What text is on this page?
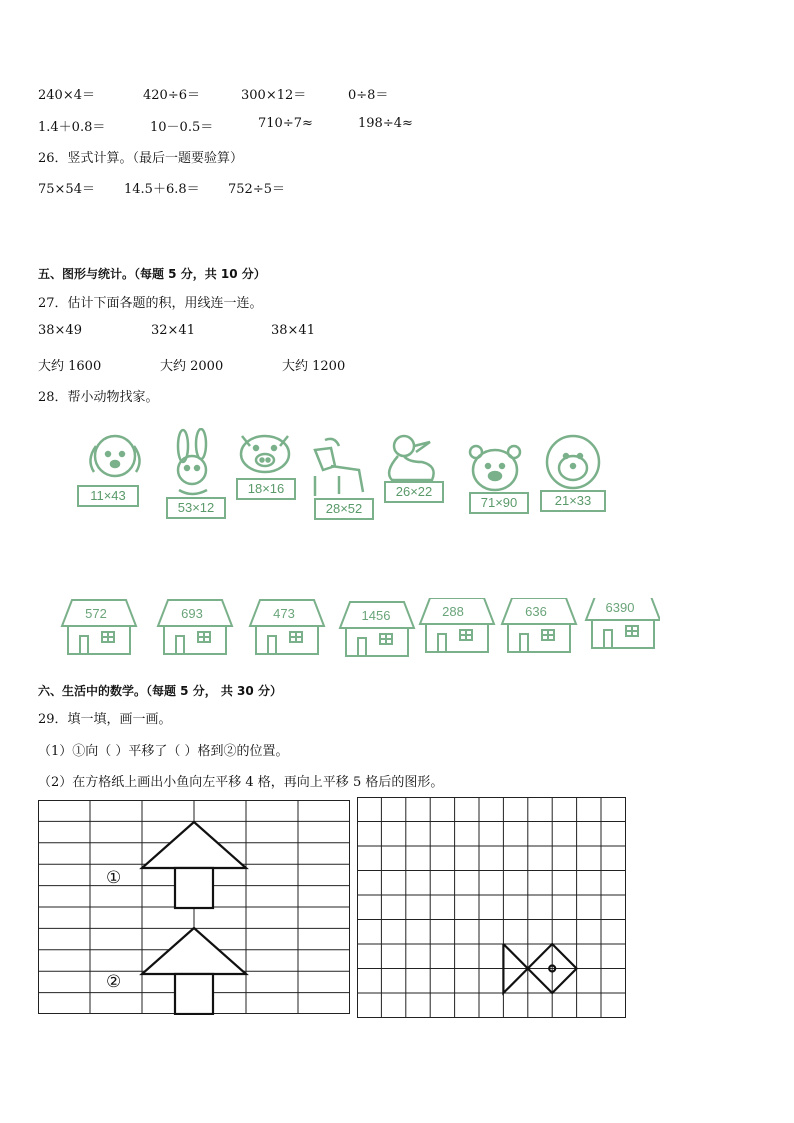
240×4＝	420÷6＝	300×12＝	0÷8＝
1.4＋0.8＝	10－0.5＝	710÷7≈	198÷4≈
26．竖式计算。（最后一题要验算）
75×54＝ 14.5＋6.8＝ 752÷5＝
五、图形与统计。（每题 5 分，共 10 分）
27．估计下面各题的积，用线连一连。
38×49	32×41	38×41
大约 1600	大约 2000	大约 1200
28．帮小动物找家。
11×43
53×12
18×16
28×52
26×22
71×90	21×33
572	693	473	1456	288	636	6390
六、生活中的数学。（每题 5 分， 共 30 分）
29．填一填，画一画。
（1）①向（ ）平移了（ ）格到②的位置。
（2）在方格纸上画出小鱼向左平移 4 格，再向上平移 5 格后的图形。
①
②
